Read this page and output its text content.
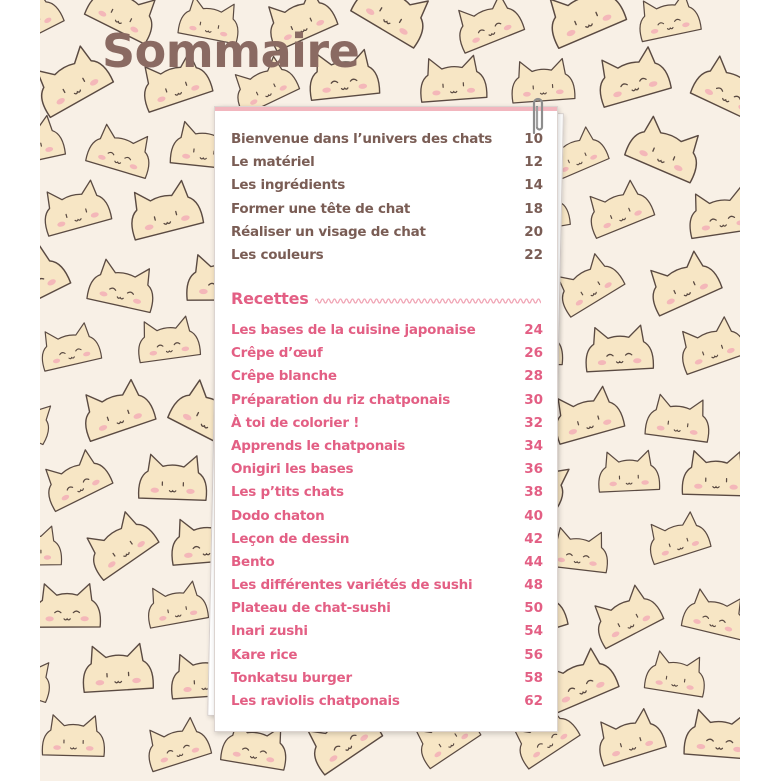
Sommaire
Bienvenue dans l’univers des chats 10
Le matériel	12
Les ingrédients	14
Former une tête de chat	18
Réaliser un visage de chat	20
Les couleurs	22
Recettes
Les bases de la cuisine japonaise	24
Crêpe d’œuf	26
Crêpe blanche	28
Préparation du riz chatponais	30
À toi de colorier !	32
Apprends le chatponais	34
Onigiri les bases	36
Les p’tits chats	38
Dodo chaton	40
Leçon de dessin	42
Bento	44
Les différentes variétés de sushi	48
Plateau de chat-sushi	50
Inari zushi	54
Kare rice	56
Tonkatsu burger	58
Les raviolis chatponais	62
